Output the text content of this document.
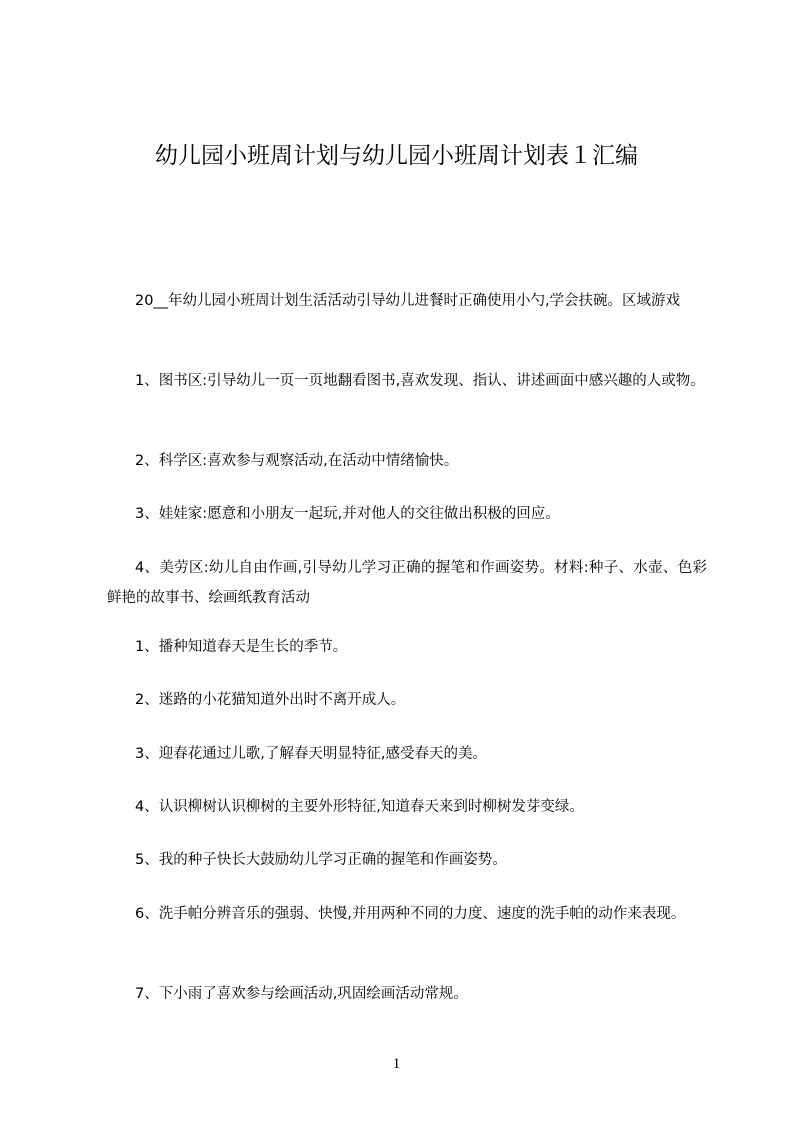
幼儿园小班周计划与幼儿园小班周计划表１汇编

20__年幼儿园小班周计划生活活动引导幼儿进餐时正确使用小勺,学会扶碗。区域游戏

1、图书区:引导幼儿一页一页地翻看图书,喜欢发现、指认、讲述画面中感兴趣的人或物。

2、科学区:喜欢参与观察活动,在活动中情绪愉快。

3、娃娃家:愿意和小朋友一起玩,并对他人的交往做出积极的回应。

4、美劳区:幼儿自由作画,引导幼儿学习正确的握笔和作画姿势。材料:种子、水壶、色彩鲜艳的故事书、绘画纸教育活动

1、播种知道春天是生长的季节。

2、迷路的小花猫知道外出时不离开成人。

3、迎春花通过儿歌,了解春天明显特征,感受春天的美。

4、认识柳树认识柳树的主要外形特征,知道春天来到时柳树发芽变绿。

5、我的种子快长大鼓励幼儿学习正确的握笔和作画姿势。

6、洗手帕分辨音乐的强弱、快慢,并用两种不同的力度、速度的洗手帕的动作来表现。

7、下小雨了喜欢参与绘画活动,巩固绘画活动常规。

1
